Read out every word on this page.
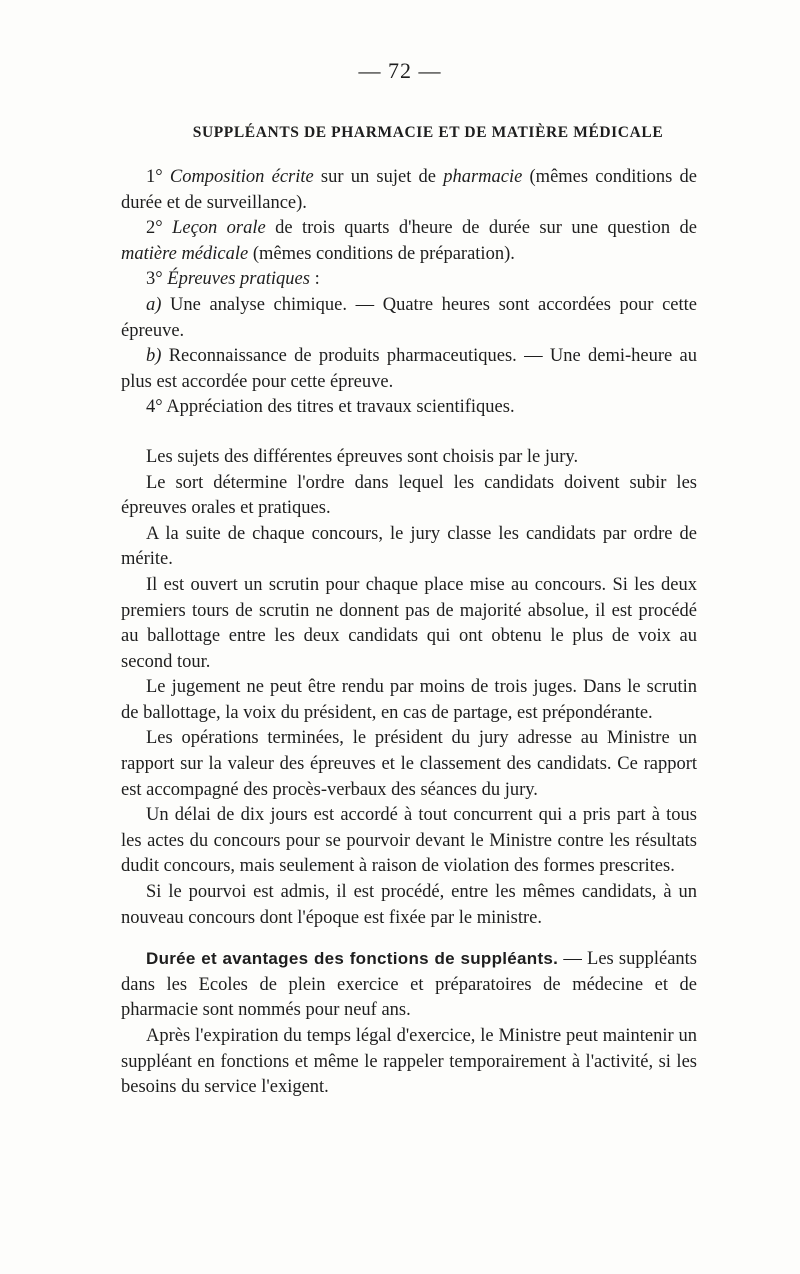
— 72 —
SUPPLÉANTS DE PHARMACIE ET DE MATIÈRE MÉDICALE

1° Composition écrite sur un sujet de pharmacie (mêmes conditions de durée et de surveillance).

2° Leçon orale de trois quarts d'heure de durée sur une question de matière médicale (mêmes conditions de préparation).

3° Épreuves pratiques :

a) Une analyse chimique. — Quatre heures sont accordées pour cette épreuve.

b) Reconnaissance de produits pharmaceutiques. — Une demi-heure au plus est accordée pour cette épreuve.

4° Appréciation des titres et travaux scientifiques.

Les sujets des différentes épreuves sont choisis par le jury.

Le sort détermine l'ordre dans lequel les candidats doivent subir les épreuves orales et pratiques.

A la suite de chaque concours, le jury classe les candidats par ordre de mérite.

Il est ouvert un scrutin pour chaque place mise au concours. Si les deux premiers tours de scrutin ne donnent pas de majorité absolue, il est procédé au ballottage entre les deux candidats qui ont obtenu le plus de voix au second tour.

Le jugement ne peut être rendu par moins de trois juges. Dans le scrutin de ballottage, la voix du président, en cas de partage, est prépondérante.

Les opérations terminées, le président du jury adresse au Ministre un rapport sur la valeur des épreuves et le classement des candidats. Ce rapport est accompagné des procès-verbaux des séances du jury.

Un délai de dix jours est accordé à tout concurrent qui a pris part à tous les actes du concours pour se pourvoir devant le Ministre contre les résultats dudit concours, mais seulement à raison de violation des formes prescrites.

Si le pourvoi est admis, il est procédé, entre les mêmes candidats, à un nouveau concours dont l'époque est fixée par le ministre.

Durée et avantages des fonctions de suppléants. — Les suppléants dans les Ecoles de plein exercice et préparatoires de médecine et de pharmacie sont nommés pour neuf ans.

Après l'expiration du temps légal d'exercice, le Ministre peut maintenir un suppléant en fonctions et même le rappeler temporairement à l'activité, si les besoins du service l'exigent.
